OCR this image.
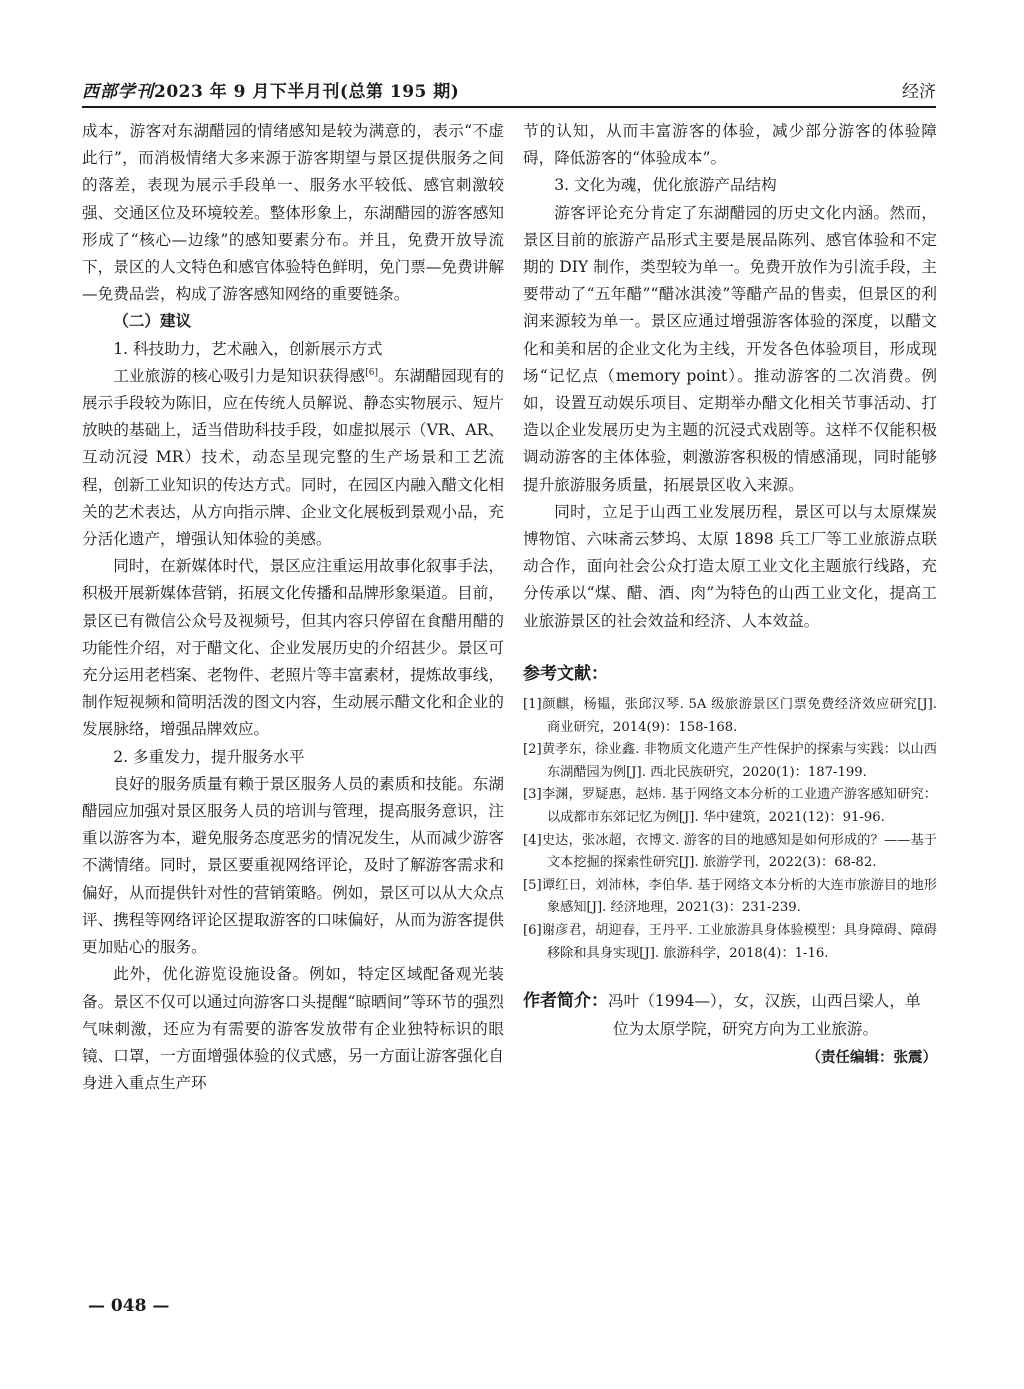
西部学刊2023 年 9 月下半月刊(总第 195 期)	经济

成本，游客对东湖醋园的情绪感知是较为满意的，表示“不虚此行”，而消极情绪大多来源于游客期望与景区提供服务之间的落差，表现为展示手段单一、服务水平较低、感官刺激较强、交通区位及环境较差。整体形象上，东湖醋园的游客感知形成了“核心—边缘”的感知要素分布。并且，免费开放导流下，景区的人文特色和感官体验特色鲜明，免门票—免费讲解—免费品尝，构成了游客感知网络的重要链条。

（二）建议

1. 科技助力，艺术融入，创新展示方式

工业旅游的核心吸引力是知识获得感[6]。东湖醋园现有的展示手段较为陈旧，应在传统人员解说、静态实物展示、短片放映的基础上，适当借助科技手段，如虚拟展示（VR、AR、互动沉浸 MR）技术，动态呈现完整的生产场景和工艺流程，创新工业知识的传达方式。同时，在园区内融入醋文化相关的艺术表达，从方向指示牌、企业文化展板到景观小品，充分活化遗产，增强认知体验的美感。

同时，在新媒体时代，景区应注重运用故事化叙事手法，积极开展新媒体营销，拓展文化传播和品牌形象渠道。目前，景区已有微信公众号及视频号，但其内容只停留在食醋用醋的功能性介绍，对于醋文化、企业发展历史的介绍甚少。景区可充分运用老档案、老物件、老照片等丰富素材，提炼故事线，制作短视频和简明活泼的图文内容，生动展示醋文化和企业的发展脉络，增强品牌效应。

2. 多重发力，提升服务水平

良好的服务质量有赖于景区服务人员的素质和技能。东湖醋园应加强对景区服务人员的培训与管理，提高服务意识，注重以游客为本，避免服务态度恶劣的情况发生，从而减少游客不满情绪。同时，景区要重视网络评论，及时了解游客需求和偏好，从而提供针对性的营销策略。例如，景区可以从大众点评、携程等网络评论区提取游客的口味偏好，从而为游客提供更加贴心的服务。

此外，优化游览设施设备。例如，特定区域配备观光装备。景区不仅可以通过向游客口头提醒“晾晒间”等环节的强烈气味刺激，还应为有需要的游客发放带有企业独特标识的眼镜、口罩，一方面增强体验的仪式感，另一方面让游客强化自身进入重点生产环

节的认知，从而丰富游客的体验，减少部分游客的体验障碍，降低游客的“体验成本”。

3. 文化为魂，优化旅游产品结构

游客评论充分肯定了东湖醋园的历史文化内涵。然而，景区目前的旅游产品形式主要是展品陈列、感官体验和不定期的 DIY 制作，类型较为单一。免费开放作为引流手段，主要带动了“五年醋”“醋冰淇淩”等醋产品的售卖，但景区的利润来源较为单一。景区应通过增强游客体验的深度，以醋文化和美和居的企业文化为主线，开发各色体验项目，形成现场“记忆点（memory point）。推动游客的二次消费。例如，设置互动娱乐项目、定期举办醋文化相关节事活动、打造以企业发展历史为主题的沉浸式戏剧等。这样不仅能积极调动游客的主体体验，刺激游客积极的情感涌现，同时能够提升旅游服务质量，拓展景区收入来源。

同时，立足于山西工业发展历程，景区可以与太原煤炭博物馆、六味斋云梦坞、太原 1898 兵工厂等工业旅游点联动合作，面向社会公众打造太原工业文化主题旅行线路，充分传承以“煤、醋、酒、肉”为特色的山西工业文化，提高工业旅游景区的社会效益和经济、人本效益。

参考文献：

[1]颜麒，杨韫，张邱汉琴. 5A 级旅游景区门票免费经济效应研究[J]. 商业研究，2014(9)：158-168.

[2]黄孝东，徐业鑫. 非物质文化遗产生产性保护的探索与实践：以山西东湖醋园为例[J]. 西北民族研究，2020(1)：187-199.

[3]李渊，罗疑惠，赵炜. 基于网络文本分析的工业遗产游客感知研究：以成都市东郊记忆为例[J]. 华中建筑，2021(12)：91-96.

[4]史达，张冰超，衣博文. 游客的目的地感知是如何形成的？——基于文本挖掘的探索性研究[J]. 旅游学刊，2022(3)：68-82.

[5]谭红日，刘沛林，李伯华. 基于网络文本分析的大连市旅游目的地形象感知[J]. 经济地理，2021(3)：231-239.

[6]谢彦君，胡迎春，王丹平. 工业旅游具身体验模型：具身障碍、障碍移除和具身实现[J]. 旅游科学，2018(4)：1-16.

作者简介：冯叶（1994—），女，汉族，山西吕梁人，单
位为太原学院，研究方向为工业旅游。
（责任编辑：张震）
— 048 —
